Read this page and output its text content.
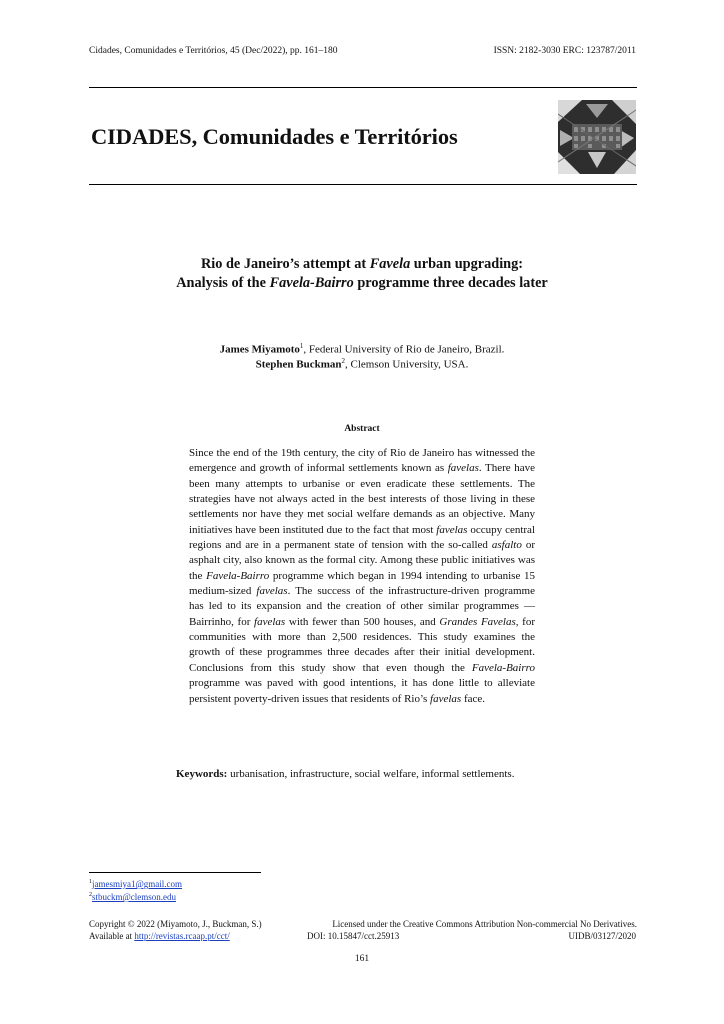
Cidades, Comunidades e Territórios, 45 (Dec/2022), pp. 161–180	ISSN: 2182-3030 ERC: 123787/2011
CIDADES, Comunidades e Territórios
Rio de Janeiro’s attempt at Favela urban upgrading:
Analysis of the Favela-Bairro programme three decades later
James Miyamoto$^1$, Federal University of Rio de Janeiro, Brazil.
Stephen Buckman$^2$, Clemson University, USA.
Abstract
Since the end of the 19th century, the city of Rio de Janeiro has witnessed the emergence and growth of informal settlements known as favelas. There have been many attempts to urbanise or even eradicate these settlements. The strategies have not always acted in the best interests of those living in these settlements nor have they met social welfare demands as an objective. Many initiatives have been instituted due to the fact that most favelas occupy central regions and are in a permanent state of tension with the so-called asfalto or asphalt city, also known as the formal city. Among these public initiatives was the Favela-Bairro programme which began in 1994 intending to urbanise 15 medium-sized favelas. The success of the infrastructure-driven programme has led to its expansion and the creation of other similar programmes — Bairrinho, for favelas with fewer than 500 houses, and Grandes Favelas, for communities with more than 2,500 residences. This study examines the growth of these programmes three decades after their initial development. Conclusions from this study show that even though the Favela-Bairro programme was paved with good intentions, it has done little to alleviate persistent poverty-driven issues that residents of Rio’s favelas face.
Keywords: urbanisation, infrastructure, social welfare, informal settlements.
$^1$jamesmiya1@gmail.com
$^2$stbuckm@clemson.edu
Copyright © 2022 (Miyamoto, J., Buckman, S.)
Available at http://revistas.rcaap.pt/cct/
Licensed under the Creative Commons Attribution Non-commercial No Derivatives.
DOI: 10.15847/cct.25913	UIDB/03127/2020
161
